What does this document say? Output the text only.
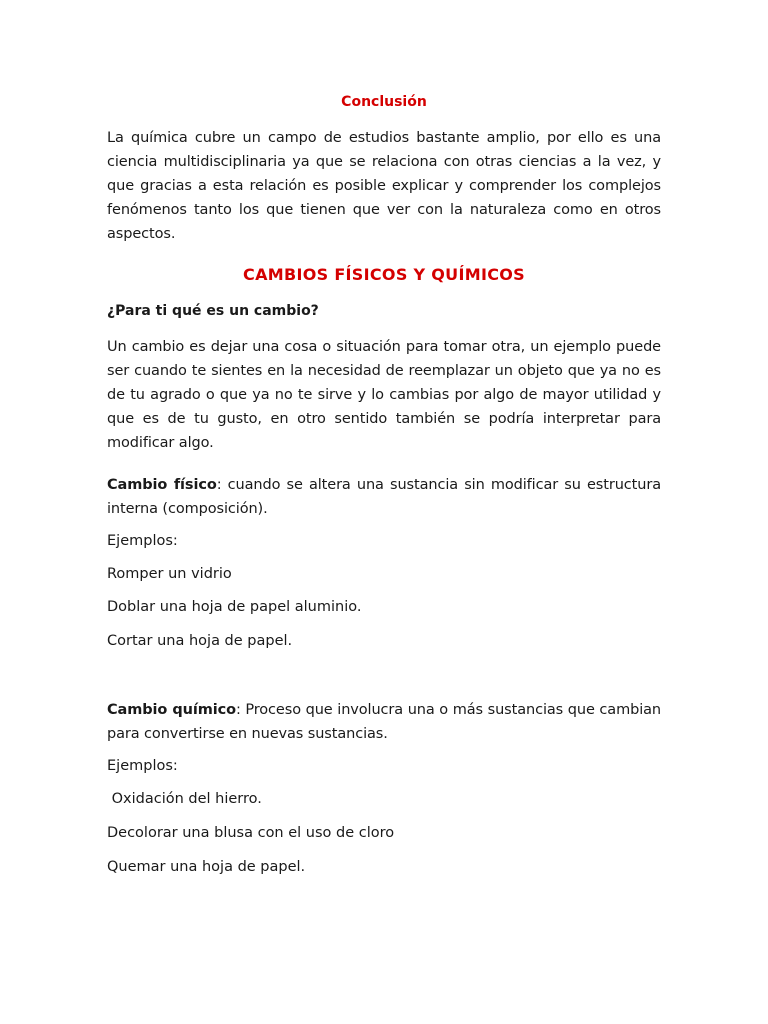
Conclusión

La química cubre un campo de estudios bastante amplio, por ello es una ciencia multidisciplinaria ya que se relaciona con otras ciencias a la vez, y que gracias a esta relación es posible explicar y comprender los complejos fenómenos tanto los que tienen que ver con la naturaleza como en otros aspectos.

CAMBIOS FÍSICOS Y QUÍMICOS

¿Para ti qué es un cambio?

Un cambio es dejar una cosa o situación para tomar otra, un ejemplo puede ser cuando te sientes en la necesidad de reemplazar un objeto que ya no es de tu agrado o que ya no te sirve y lo cambias por algo de mayor utilidad y que es de tu gusto, en otro sentido también se podría interpretar para modificar algo.

Cambio físico: cuando se altera una sustancia sin modificar su estructura interna (composición).

Ejemplos:

Romper un vidrio

Doblar una hoja de papel aluminio.

Cortar una hoja de papel.

Cambio químico: Proceso que involucra una o más sustancias que cambian para convertirse en nuevas sustancias.

Ejemplos:

Oxidación del hierro.

Decolorar una blusa con el uso de cloro

Quemar una hoja de papel.
